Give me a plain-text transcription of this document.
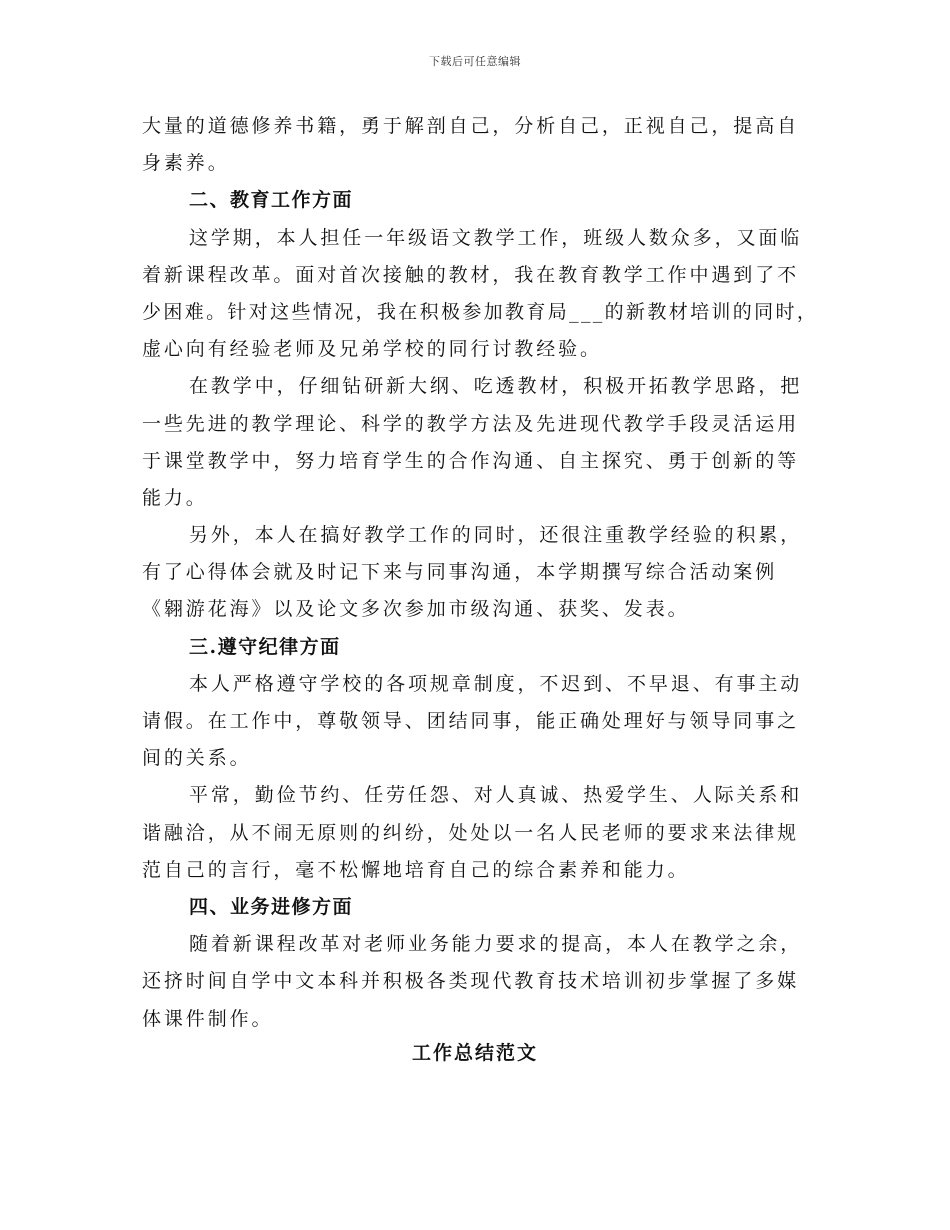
下载后可任意编辑
大量的道德修养书籍，勇于解剖自己，分析自己，正视自己，提高自
身素养。
二、教育工作方面
这学期，本人担任一年级语文教学工作，班级人数众多，又面临
着新课程改革。面对首次接触的教材，我在教育教学工作中遇到了不
少困难。针对这些情况，我在积极参加教育局___的新教材培训的同时，
虚心向有经验老师及兄弟学校的同行讨教经验。
在教学中，仔细钻研新大纲、吃透教材，积极开拓教学思路，把
一些先进的教学理论、科学的教学方法及先进现代教学手段灵活运用
于课堂教学中，努力培育学生的合作沟通、自主探究、勇于创新的等
能力。
另外，本人在搞好教学工作的同时，还很注重教学经验的积累，
有了心得体会就及时记下来与同事沟通，本学期撰写综合活动案例
《翱游花海》以及论文多次参加市级沟通、获奖、发表。
三.遵守纪律方面
本人严格遵守学校的各项规章制度，不迟到、不早退、有事主动
请假。在工作中，尊敬领导、团结同事，能正确处理好与领导同事之
间的关系。
平常，勤俭节约、任劳任怨、对人真诚、热爱学生、人际关系和
谐融洽，从不闹无原则的纠纷，处处以一名人民老师的要求来法律规
范自己的言行，毫不松懈地培育自己的综合素养和能力。
四、业务进修方面
随着新课程改革对老师业务能力要求的提高，本人在教学之余，
还挤时间自学中文本科并积极各类现代教育技术培训初步掌握了多媒
体课件制作。
工作总结范文
